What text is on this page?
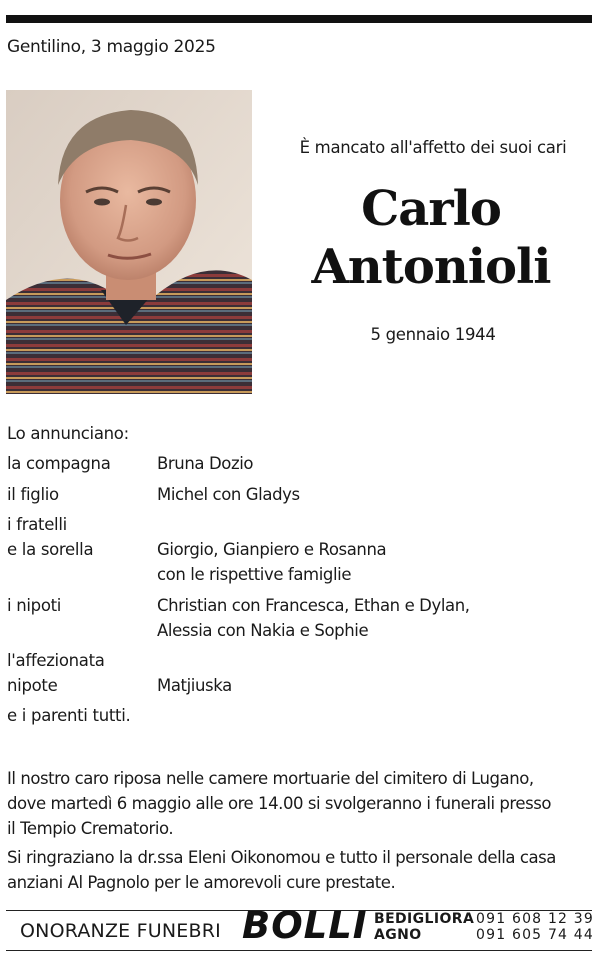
Gentilino, 3 maggio 2025
È mancato all'affetto dei suoi cari
Carlo
Antonioli
5 gennaio 1944
Lo annunciano:
la compagna	Bruna Dozio
il figlio	Michel con Gladys
i fratelli
e la sorella	Giorgio, Gianpiero e Rosanna
con le rispettive famiglie
i nipoti	Christian con Francesca, Ethan e Dylan,
Alessia con Nakia e Sophie
l'affezionata
nipote	Matjiuska
e i parenti tutti.
Il nostro caro riposa nelle camere mortuarie del cimitero di Lugano,
dove martedì 6 maggio alle ore 14.00 si svolgeranno i funerali presso
il Tempio Crematorio.
Si ringraziano la dr.ssa Eleni Oikonomou e tutto il personale della casa
anziani Al Pagnolo per le amorevoli cure prestate.
ONORANZE FUNEBRI BOLLI BEDIGLIORA 091 608 12 39
AGNO	091 605 74 44
